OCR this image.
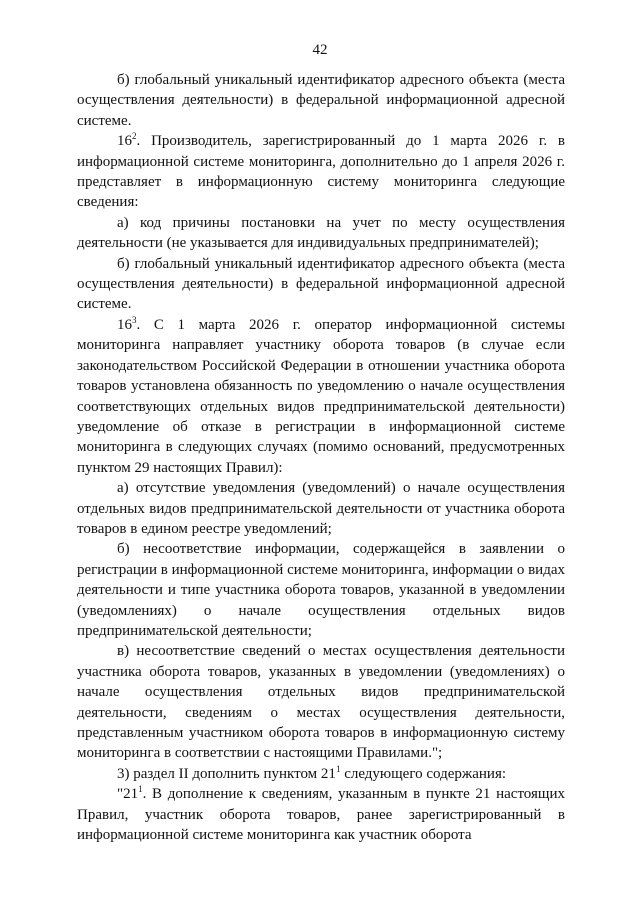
42

б) глобальный уникальный идентификатор адресного объекта (места осуществления деятельности) в федеральной информационной адресной системе.

$16^2$. Производитель, зарегистрированный до 1 марта 2026 г. в информационной системе мониторинга, дополнительно до 1 апреля 2026 г. представляет в информационную систему мониторинга следующие сведения:

а) код причины постановки на учет по месту осуществления деятельности (не указывается для индивидуальных предпринимателей);

б) глобальный уникальный идентификатор адресного объекта (места осуществления деятельности) в федеральной информационной адресной системе.

$16^3$. С 1 марта 2026 г. оператор информационной системы мониторинга направляет участнику оборота товаров (в случае если законодательством Российской Федерации в отношении участника оборота товаров установлена обязанность по уведомлению о начале осуществления соответствующих отдельных видов предпринимательской деятельности) уведомление об отказе в регистрации в информационной системе мониторинга в следующих случаях (помимо оснований, предусмотренных пунктом 29 настоящих Правил):

а) отсутствие уведомления (уведомлений) о начале осуществления отдельных видов предпринимательской деятельности от участника оборота товаров в едином реестре уведомлений;

б) несоответствие информации, содержащейся в заявлении о регистрации в информационной системе мониторинга, информации о видах деятельности и типе участника оборота товаров, указанной в уведомлении (уведомлениях) о начале осуществления отдельных видов предпринимательской деятельности;

в) несоответствие сведений о местах осуществления деятельности участника оборота товаров, указанных в уведомлении (уведомлениях) о начале осуществления отдельных видов предпринимательской деятельности, сведениям о местах осуществления деятельности, представленным участником оборота товаров в информационную систему мониторинга в соответствии с настоящими Правилами.";

3) раздел II дополнить пунктом $21^1$ следующего содержания:

"$21^1$. В дополнение к сведениям, указанным в пункте 21 настоящих Правил, участник оборота товаров, ранее зарегистрированный в информационной системе мониторинга как участник оборота
